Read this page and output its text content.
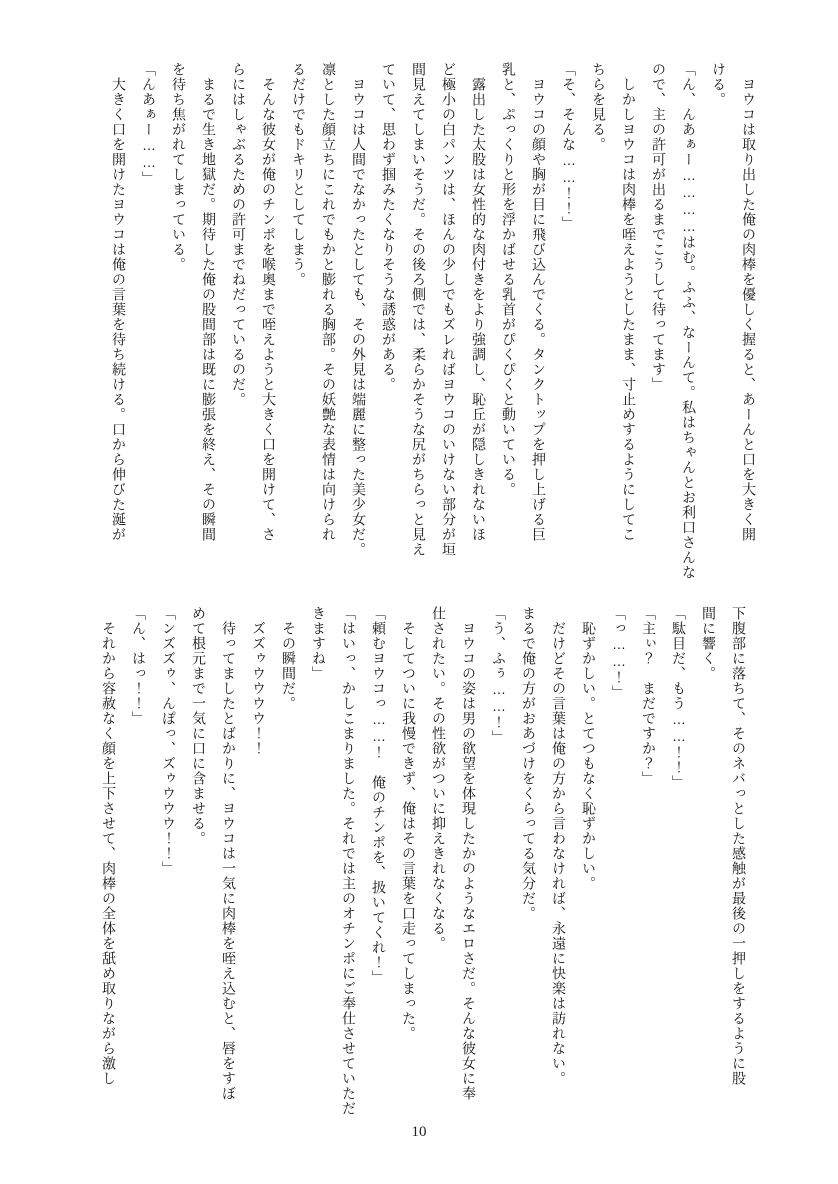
ヨウコは取り出した俺の肉棒を優しく握ると、あーんと口を大きく開

ける。

「ん、んあぁー…………はむ。ふふ、なーんて。私はちゃんとお利口さんな

ので、主の許可が出るまでこうして待ってます」

しかしヨウコは肉棒を咥えようとしたまま、寸止めするようにしてこ

ちらを見る。

「そ、そんな……！！」

ヨウコの顔や胸が目に飛び込んでくる。タンクトップを押し上げる巨

乳と、ぷっくりと形を浮かばせる乳首がぴくぴくと動いている。

露出した太股は女性的な肉付きをより強調し、恥丘が隠しきれないほ

ど極小の白パンツは、ほんの少しでもズレればヨウコのいけない部分が垣

間見えてしまいそうだ。その後ろ側では、柔らかそうな尻がちらっと見え

ていて、思わず掴みたくなりそうな誘惑がある。

ヨウコは人間でなかったとしても、その外見は端麗に整った美少女だ。

凛とした顔立ちにこれでもかと膨れる胸部。その妖艶な表情は向けられ

るだけでもドキリとしてしまう。

そんな彼女が俺のチンポを喉奥まで咥えようと大きく口を開けて、さ

らにはしゃぶるための許可までねだっているのだ。

まるで生き地獄だ。期待した俺の股間部は既に膨張を終え、その瞬間

を待ち焦がれてしまっている。

「んあぁー……」

大きく口を開けたヨウコは俺の言葉を待ち続ける。口から伸びた涎が

下腹部に落ちて、そのネバっとした感触が最後の一押しをするように股

間に響く。

「駄目だ、もう……！！」

「主ぃ？　まだですか？」

「っ……！」

恥ずかしい。とてつもなく恥ずかしい。

だけどその言葉は俺の方から言わなければ、永遠に快楽は訪れない。

まるで俺の方がおあづけをくらってる気分だ。

「う、ふぅ……！」

ヨウコの姿は男の欲望を体現したかのようなエロさだ。そんな彼女に奉

仕されたい。その性欲がついに抑えきれなくなる。

そしてついに我慢できず、俺はその言葉を口走ってしまった。

「頼むヨウコっ……！　俺のチンポを、扱いてくれ！」

「はいっ、かしこまりました。それでは主のオチンポにご奉仕させていただ

きますね」

その瞬間だ。

ズズゥウウウウ！！

待ってましたとばかりに、ヨウコは一気に肉棒を咥え込むと、唇をすぼ

めて根元まで一気に口に含ませる。

「ンズズゥ、んぽっ、ズゥウウウ！！」

「ん、はっ！！」

それから容赦なく顔を上下させて、肉棒の全体を舐め取りながら激し

10
